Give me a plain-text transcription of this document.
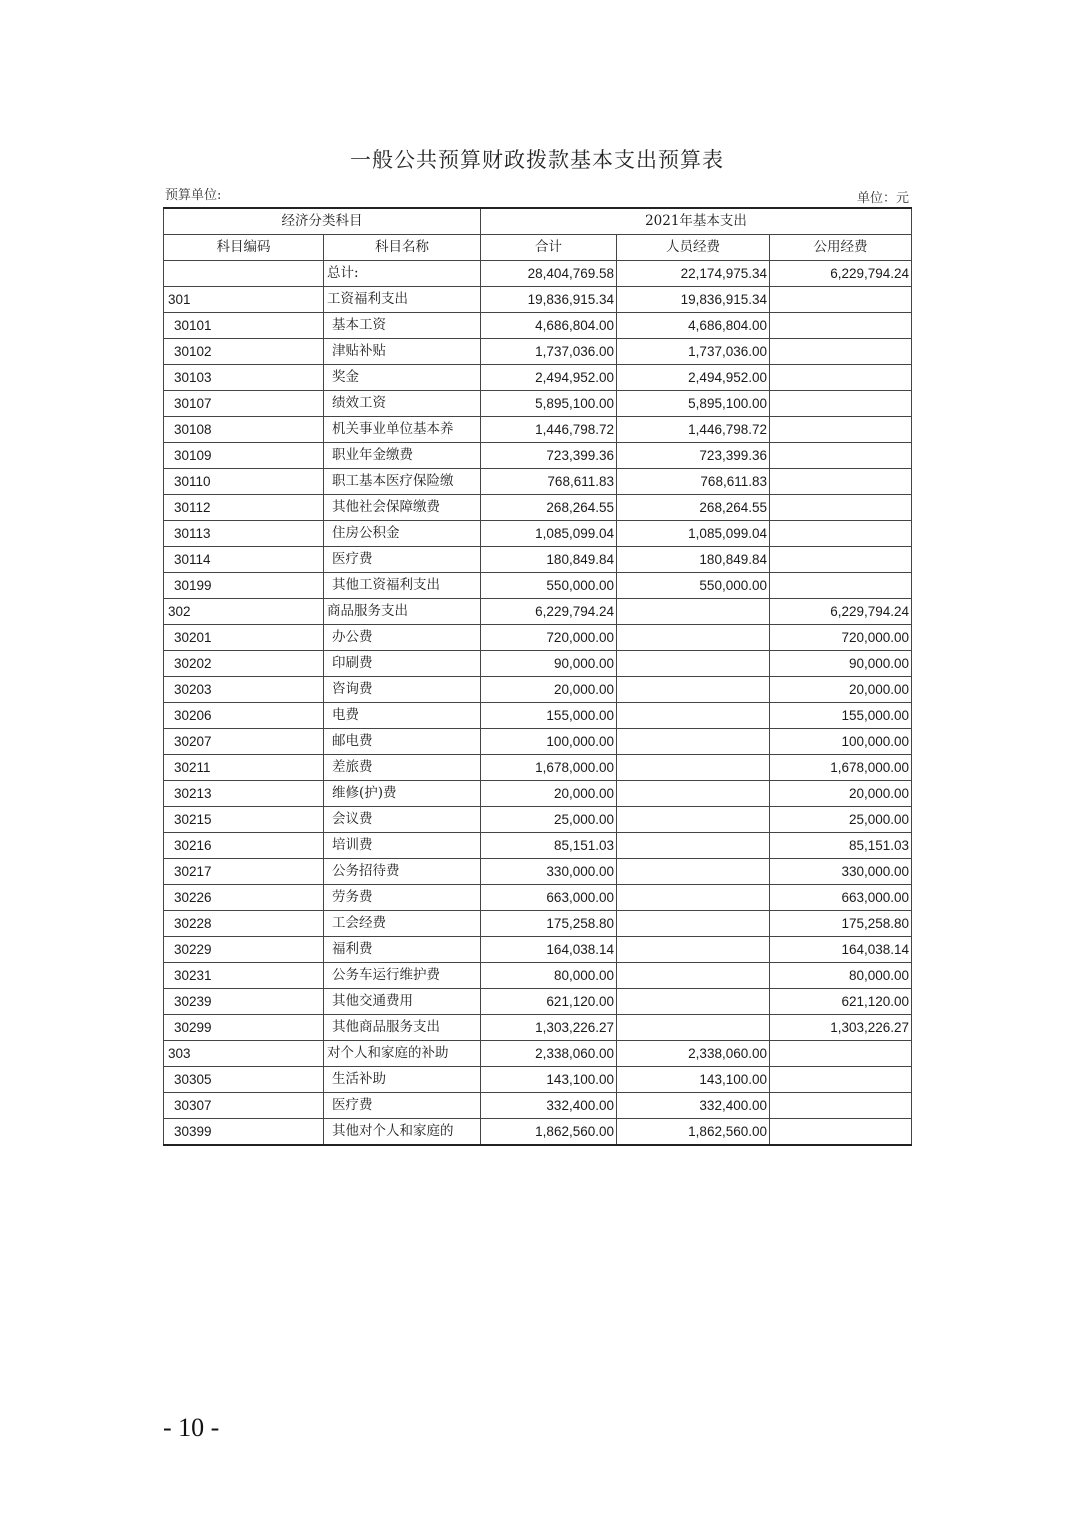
一般公共预算财政拨款基本支出预算表
预算单位:	单位：元
经济分类科目		2021年基本支出		
科目编码	科目名称	合计	人员经费	公用经费
	总计:	28,404,769.58	22,174,975.34	6,229,794.24
301	工资福利支出	19,836,915.34	19,836,915.34	
30101	基本工资	4,686,804.00	4,686,804.00	
30102	津贴补贴	1,737,036.00	1,737,036.00	
30103	奖金	2,494,952.00	2,494,952.00	
30107	绩效工资	5,895,100.00	5,895,100.00	
30108	机关事业单位基本养	1,446,798.72	1,446,798.72	
30109	职业年金缴费	723,399.36	723,399.36	
30110	职工基本医疗保险缴	768,611.83	768,611.83	
30112	其他社会保障缴费	268,264.55	268,264.55	
30113	住房公积金	1,085,099.04	1,085,099.04	
30114	医疗费	180,849.84	180,849.84	
30199	其他工资福利支出	550,000.00	550,000.00	
302	商品服务支出	6,229,794.24		6,229,794.24
30201	办公费	720,000.00		720,000.00
30202	印刷费	90,000.00		90,000.00
30203	咨询费	20,000.00		20,000.00
30206	电费	155,000.00		155,000.00
30207	邮电费	100,000.00		100,000.00
30211	差旅费	1,678,000.00		1,678,000.00
30213	维修(护)费	20,000.00		20,000.00
30215	会议费	25,000.00		25,000.00
30216	培训费	85,151.03		85,151.03
30217	公务招待费	330,000.00		330,000.00
30226	劳务费	663,000.00		663,000.00
30228	工会经费	175,258.80		175,258.80
30229	福利费	164,038.14		164,038.14
30231	公务车运行维护费	80,000.00		80,000.00
30239	其他交通费用	621,120.00		621,120.00
30299	其他商品服务支出	1,303,226.27		1,303,226.27
303	对个人和家庭的补助	2,338,060.00	2,338,060.00	
30305	生活补助	143,100.00	143,100.00	
30307	医疗费	332,400.00	332,400.00	
30399	其他对个人和家庭的	1,862,560.00	1,862,560.00	
- 10 -
